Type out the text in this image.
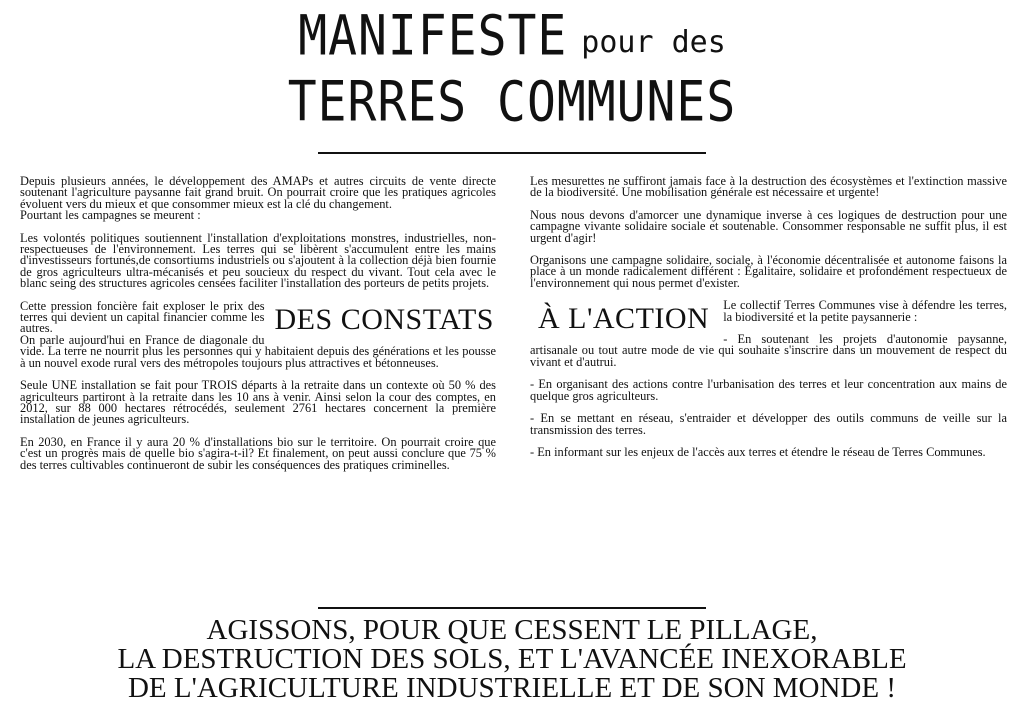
MANIFESTE pour des
TERRES COMMUNES

Depuis plusieurs années, le développement des AMAPs et autres circuits de vente directe soutenant l'agriculture paysanne fait grand bruit. On pourrait croire que les pratiques agricoles évoluent vers du mieux et que consommer mieux est la clé du changement.

Pourtant les campagnes se meurent :

Les volontés politiques soutiennent l'installation d'exploitations monstres, industrielles, non-respectueuses de l'environnement. Les terres qui se libèrent s'accumulent entre les mains d'investisseurs fortunés,de consortiums industriels ou s'ajoutent à la collection déjà bien fournie de gros agriculteurs ultra-mécanisés et peu soucieux du respect du vivant. Tout cela avec le blanc seing des structures agricoles censées faciliter l'installation des porteurs de petits projets.

DES CONSTATS

Cette pression foncière fait exploser le prix des terres qui devient un capital financier comme les autres.

On parle aujourd'hui en France de diagonale du vide. La terre ne nourrit plus les personnes qui y habitaient depuis des générations et les pousse à un nouvel exode rural vers des métropoles toujours plus attractives et bétonneuses.

Seule UNE installation se fait pour TROIS départs à la retraite dans un contexte où 50 % des agriculteurs partiront à la retraite dans les 10 ans à venir. Ainsi selon la cour des comptes, en 2012, sur 88 000 hectares rétrocédés, seulement 2761 hectares concernent la première installation de jeunes agriculteurs.

En 2030, en France il y aura 20 % d'installations bio sur le territoire. On pourrait croire que c'est un progrès mais de quelle bio s'agira-t-il? Et finalement, on peut aussi conclure que 75 % des terres cultivables continueront de subir les conséquences des pratiques criminelles.

Les mesurettes ne suffiront jamais face à la destruction des écosystèmes et l'extinction massive de la biodiversité. Une mobilisation générale est nécessaire et urgente!

Nous nous devons d'amorcer une dynamique inverse à ces logiques de destruction pour une campagne vivante solidaire sociale et soutenable. Consommer responsable ne suffit plus, il est urgent d'agir!

Organisons une campagne solidaire, sociale, à l'économie décentralisée et autonome faisons la place à un monde radicalement différent : Égalitaire, solidaire et profondément respectueux de l'environnement qui nous permet d'exister.

À L'ACTION	Le collectif Terres Communes vise à défendre les terres, la biodiversité et la petite paysannerie :

- En soutenant les projets d'autonomie paysanne, artisanale ou tout autre mode de vie qui souhaite s'inscrire dans un mouvement de respect du vivant et d'autrui.

- En organisant des actions contre l'urbanisation des terres et leur concentration aux mains de quelque gros agriculteurs.

- En se mettant en réseau, s'entraider et développer des outils communs de veille sur la transmission des terres.

- En informant sur les enjeux de l'accès aux terres et étendre le réseau de Terres Communes.

AGISSONS, POUR QUE CESSENT LE PILLAGE,
LA DESTRUCTION DES SOLS, ET L'AVANCÉE INEXORABLE
DE L'AGRICULTURE INDUSTRIELLE ET DE SON MONDE !
